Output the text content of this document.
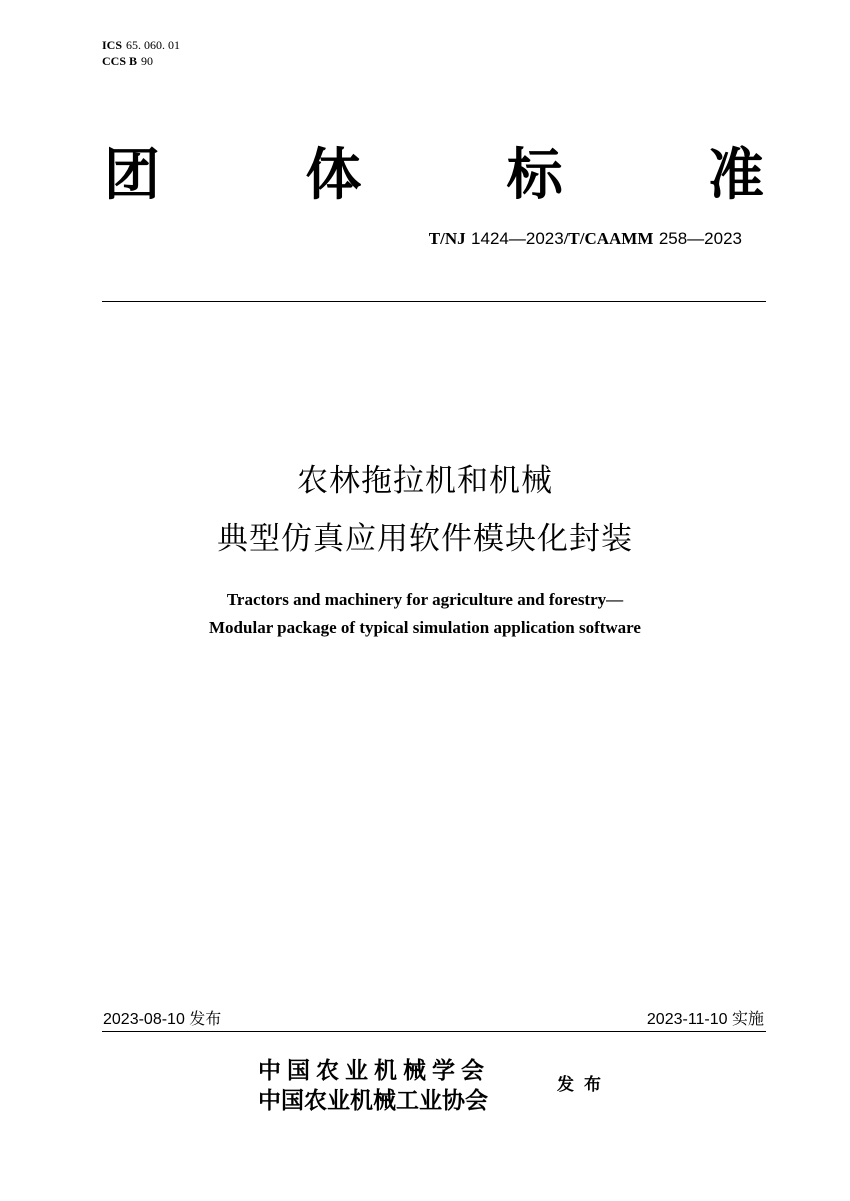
ICS 65. 060. 01
CCS B 90
团	体	标	准
T/NJ 1424—2023/T/CAAMM 258—2023
农林拖拉机和机械
典型仿真应用软件模块化封装
Tractors and machinery for agriculture and forestry—
Modular package of typical simulation application software
2023-08-10 发布	2023-11-10 实施
中国农业机械学会
中国农业机械工业协会
发布
